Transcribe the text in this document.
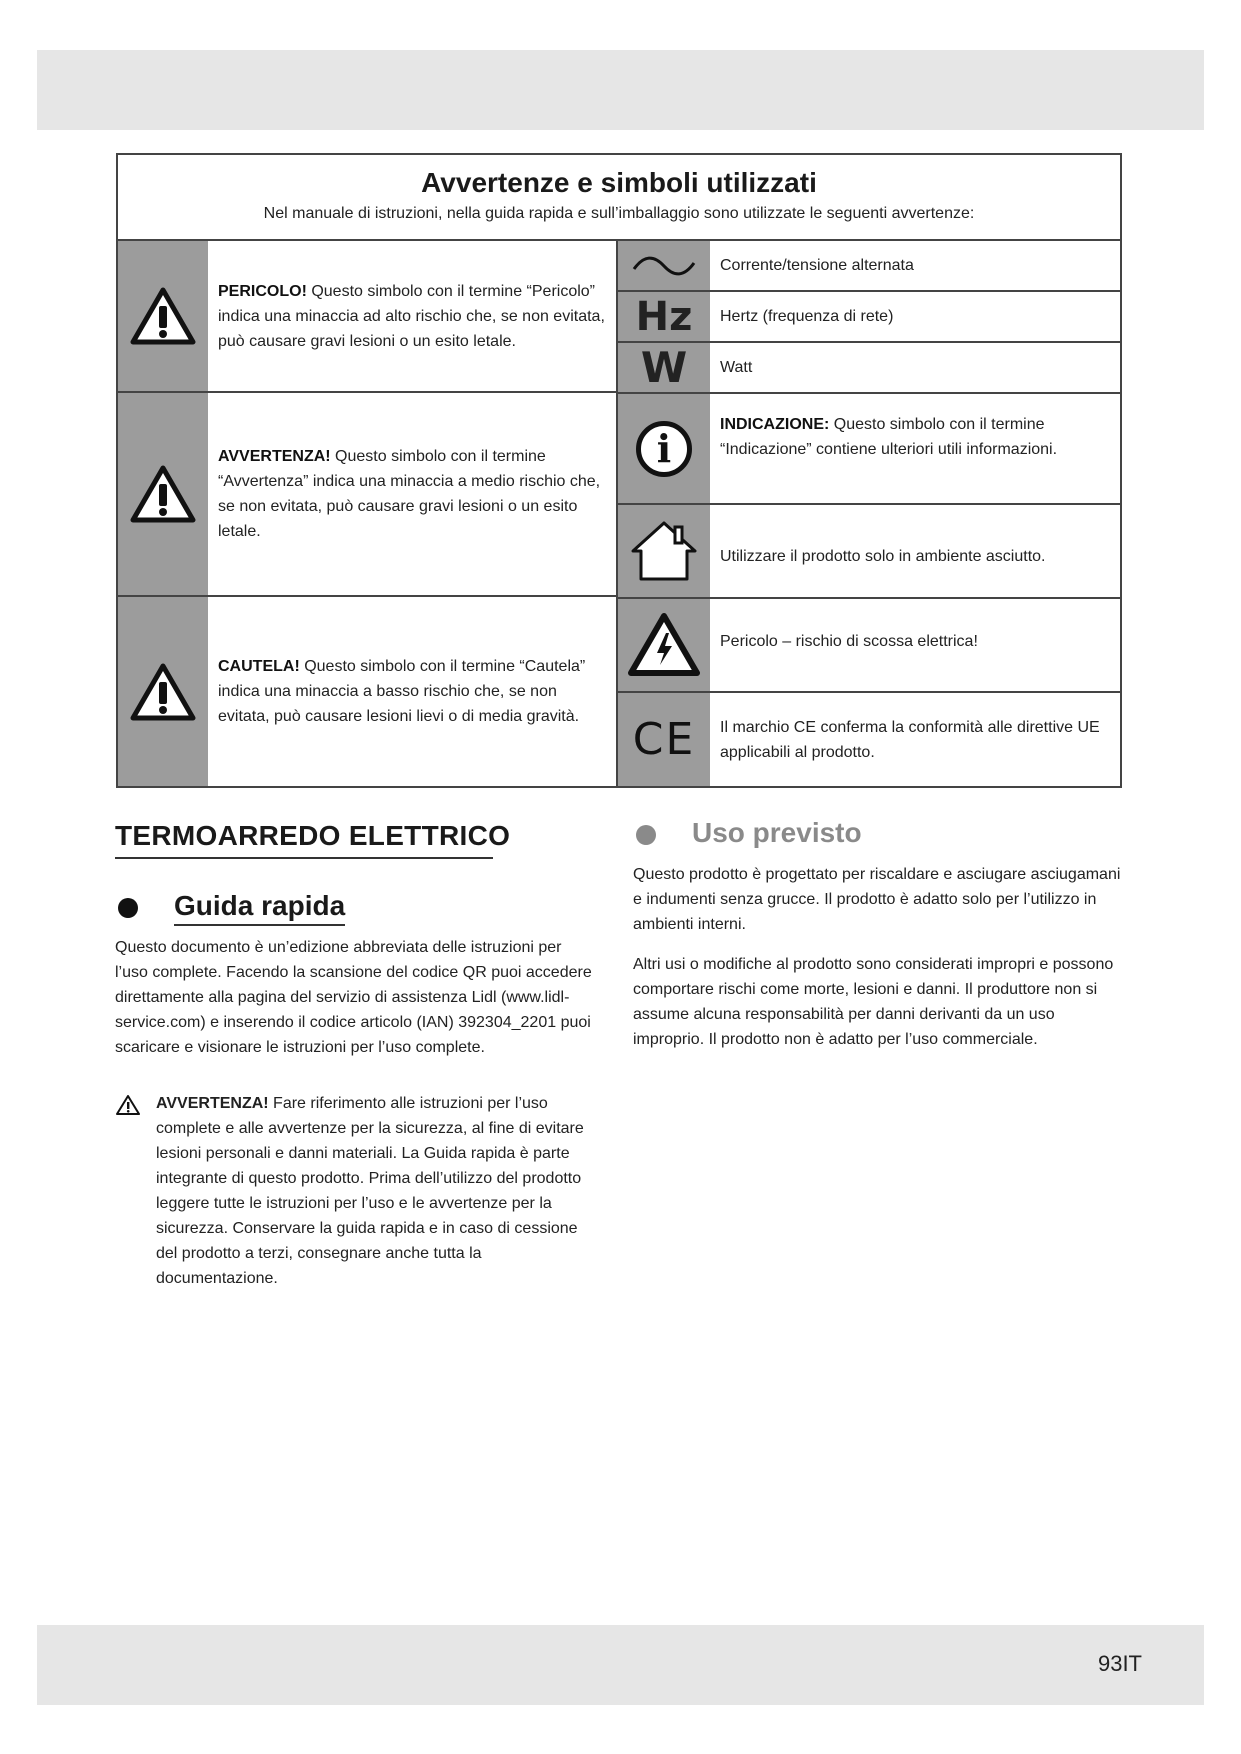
Avvertenze e simboli utilizzati

Nel manuale di istruzioni, nella guida rapida e sull’imballaggio sono utilizzate le seguenti avvertenze:

PERICOLO! Questo simbolo con il termine “Pericolo” indica una minaccia ad alto rischio che, se non evitata, può causare gravi lesioni o un esito letale.
AVVERTENZA! Questo simbolo con il termine “Avvertenza” indica una minaccia a medio rischio che, se non evitata, può causare gravi lesioni o un esito letale.
CAUTELA! Questo simbolo con il termine “Cautela” indica una minaccia a basso rischio che, se non evitata, può causare lesioni lievi o di media gravità.
Corrente/tensione alternata
Hz Hertz (frequenza di rete)
W Watt
i
INDICAZIONE: Questo simbolo con il termine “Indicazione” contiene ulteriori utili informazioni.
Utilizzare il prodotto solo in ambiente asciutto.
Pericolo – rischio di scossa elettrica!
CE Il marchio CE conferma la conformità alle direttive UE applicabili al prodotto.
TERMOARREDO ELETTRICO
Guida rapida
Questo documento è un’edizione abbreviata delle istruzioni per l’uso complete. Facendo la scansione del codice QR puoi accedere direttamente alla pagina del servizio di assistenza Lidl (www.lidl-service.com) e inserendo il codice articolo (IAN) 392304_2201 puoi scaricare e visionare le istruzioni per l’uso complete.
AVVERTENZA! Fare riferimento alle istruzioni per l’uso complete e alle avvertenze per la sicurezza, al fine di evitare lesioni personali e danni materiali. La Guida rapida è parte integrante di questo prodotto. Prima dell’utilizzo del prodotto leggere tutte le istruzioni per l’uso e le avvertenze per la sicurezza. Conservare la guida rapida e in caso di cessione del prodotto a terzi, consegnare anche tutta la documentazione.
Uso previsto
Questo prodotto è progettato per riscaldare e asciugare asciugamani e indumenti senza grucce. Il prodotto è adatto solo per l’utilizzo in ambienti interni.
Altri usi o modifiche al prodotto sono considerati impropri e possono comportare rischi come morte, lesioni e danni. Il produttore non si assume alcuna responsabilità per danni derivanti da un uso improprio. Il prodotto non è adatto per l’uso commerciale.
93IT
